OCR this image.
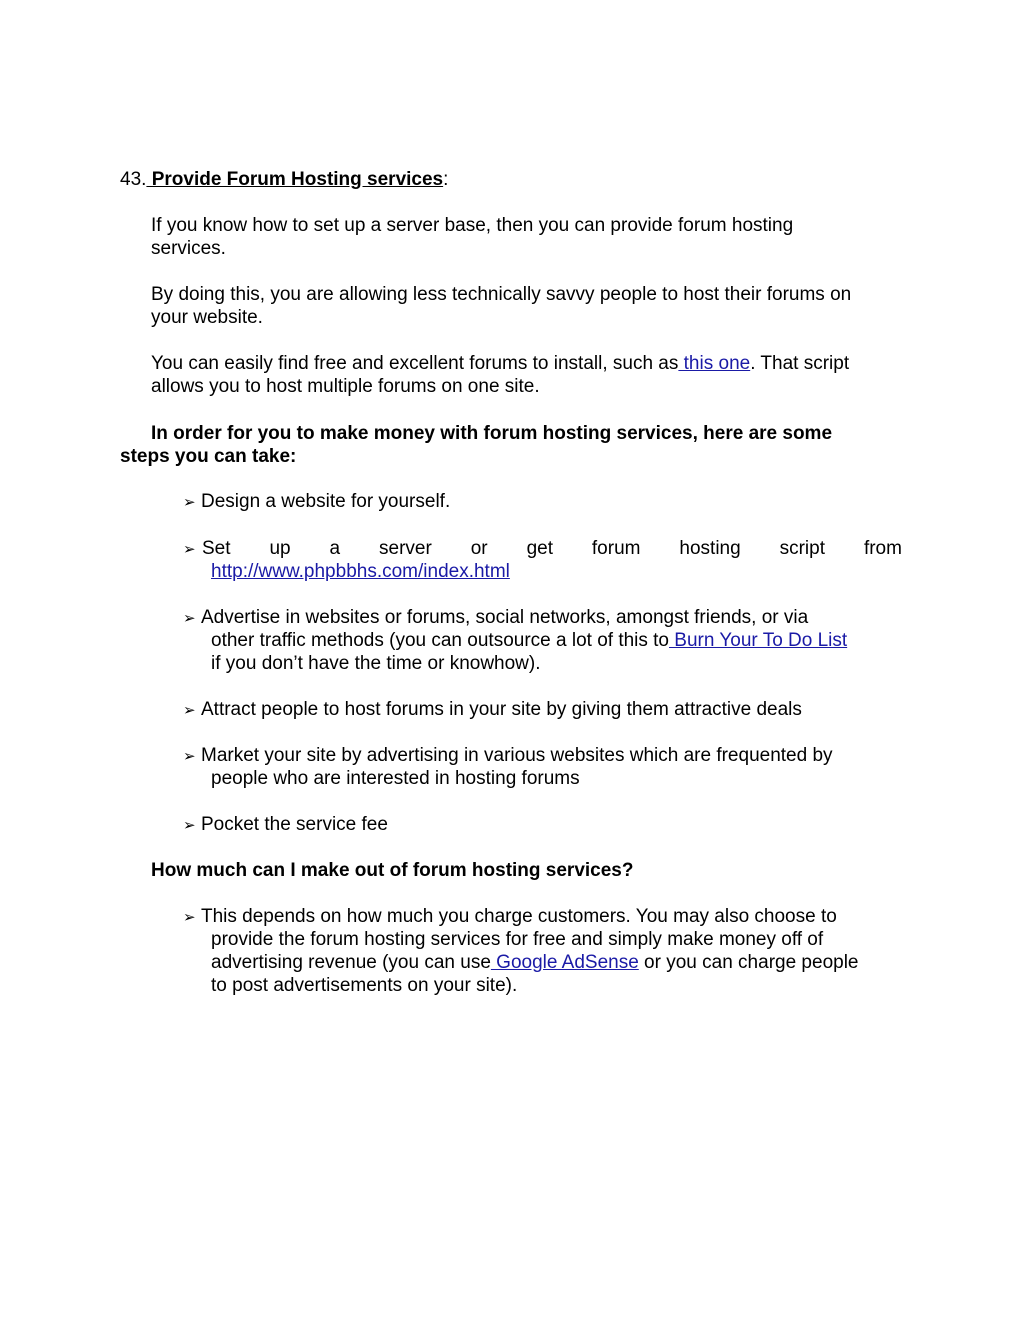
43. Provide Forum Hosting services:
If you know how to set up a server base, then you can provide forum hosting
services.
By doing this, you are allowing less technically savvy people to host their forums on
your website.
You can easily find free and excellent forums to install, such as this one. That script
allows you to host multiple forums on one site.
In order for you to make money with forum hosting services, here are some
steps you can take:
➢ Design a website for yourself.
➢ Set up a server or get forum hosting script from
http://www.phpbbhs.com/index.html
➢ Advertise in websites or forums, social networks, amongst friends, or via
other traffic methods (you can outsource a lot of this to Burn Your To Do List
if you don’t have the time or knowhow).
➢ Attract people to host forums in your site by giving them attractive deals
➢ Market your site by advertising in various websites which are frequented by
people who are interested in hosting forums
➢ Pocket the service fee
How much can I make out of forum hosting services?
➢ This depends on how much you charge customers. You may also choose to
provide the forum hosting services for free and simply make money off of
advertising revenue (you can use Google AdSense or you can charge people
to post advertisements on your site).
